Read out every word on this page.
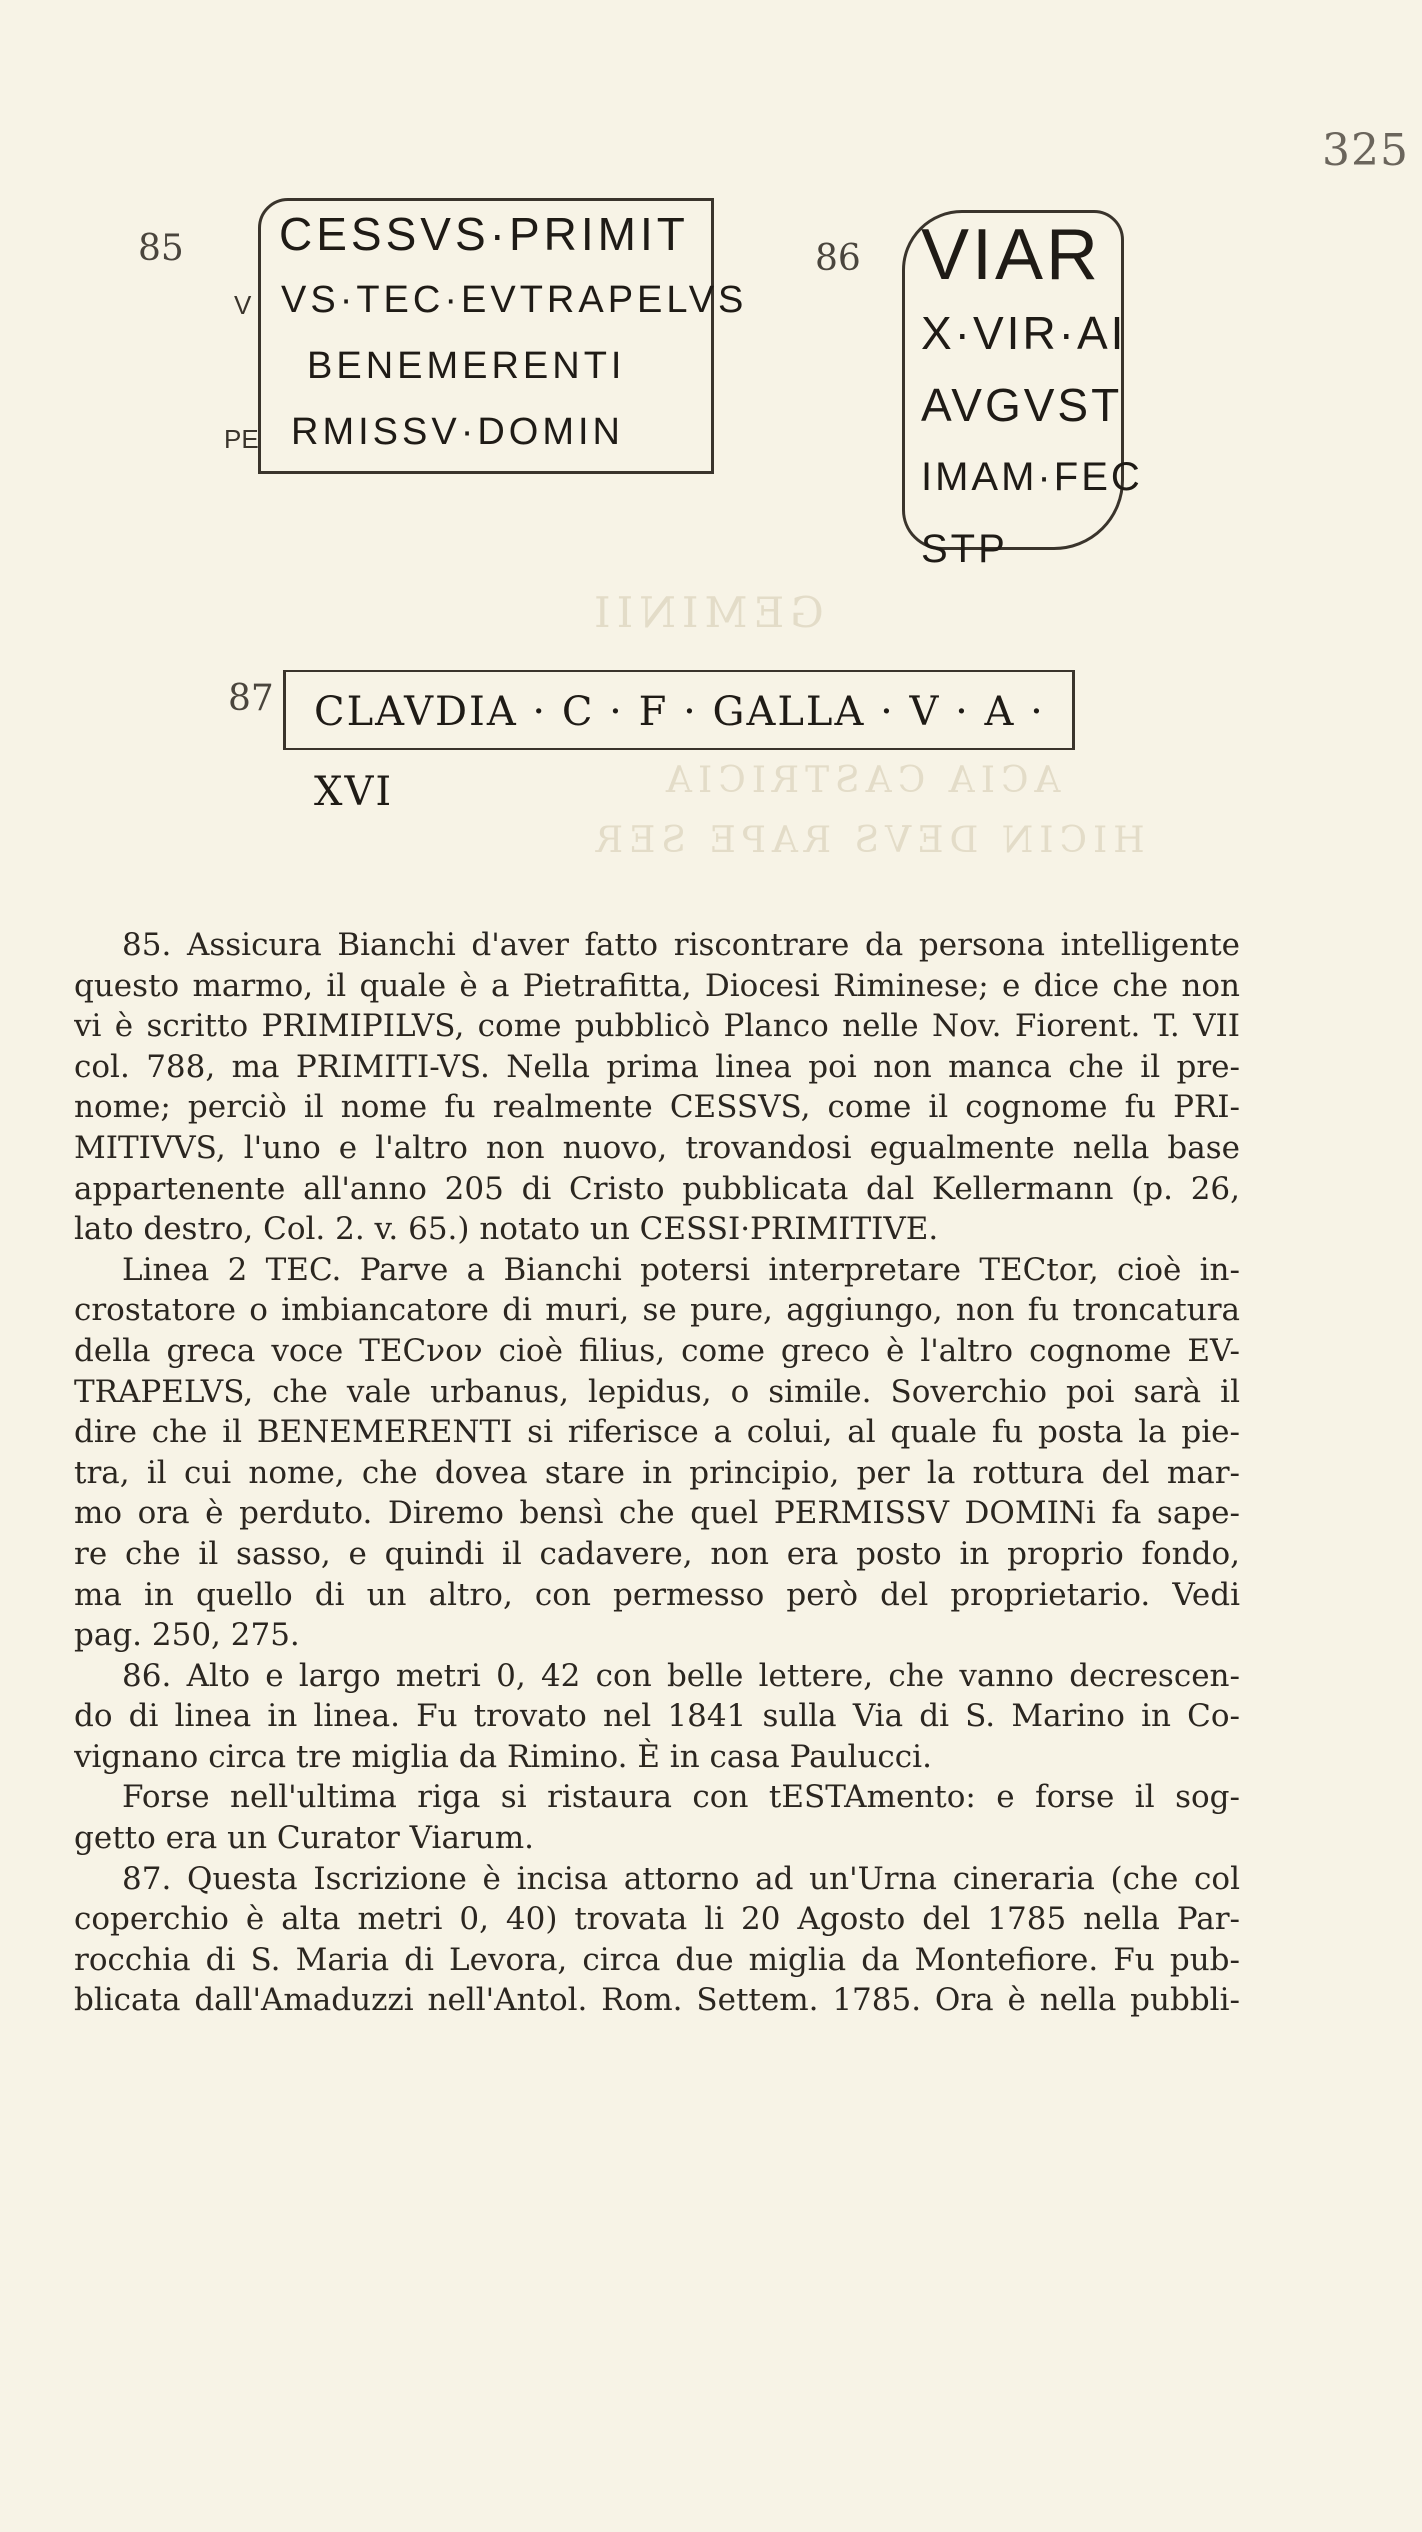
325
GEMINII
ACIA CASTRICIA
HICIN DEVS RAPE SER
85
V
PE
CESSVS·PRIMIT
VS·TEC·EVTRAPELVS
BENEMERENTI
RMISSV·DOMIN
86 VIAR
X·VIR·AI
AVGVST
IMAM·FEC
STP
87	CLAVDIA · C · F · GALLA · V · A · XVI
85. Assicura Bianchi d'aver fatto riscontrare da persona intelligente
questo marmo, il quale è a Pietrafitta, Diocesi Riminese; e dice che non
vi è scritto PRIMIPILVS, come pubblicò Planco nelle Nov. Fiorent. T. VII
col. 788, ma PRIMITI-VS. Nella prima linea poi non manca che il pre-
nome; perciò il nome fu realmente CESSVS, come il cognome fu PRI-
MITIVVS, l'uno e l'altro non nuovo, trovandosi egualmente nella base
appartenente all'anno 205 di Cristo pubblicata dal Kellermann (p. 26,
lato destro, Col. 2. v. 65.) notato un CESSI·PRIMITIVE.
Linea 2 TEC. Parve a Bianchi potersi interpretare TECtor, cioè in-
crostatore o imbiancatore di muri, se pure, aggiungo, non fu troncatura
della greca voce TECνον cioè filius, come greco è l'altro cognome EV-
TRAPELVS, che vale urbanus, lepidus, o simile. Soverchio poi sarà il
dire che il BENEMERENTI si riferisce a colui, al quale fu posta la pie-
tra, il cui nome, che dovea stare in principio, per la rottura del mar-
mo ora è perduto. Diremo bensì che quel PERMISSV DOMINi fa sape-
re che il sasso, e quindi il cadavere, non era posto in proprio fondo,
ma in quello di un altro, con permesso però del proprietario. Vedi
pag. 250, 275.
86. Alto e largo metri 0, 42 con belle lettere, che vanno decrescen-
do di linea in linea. Fu trovato nel 1841 sulla Via di S. Marino in Co-
vignano circa tre miglia da Rimino. È in casa Paulucci.
Forse nell'ultima riga si ristaura con tESTAmento: e forse il sog-
getto era un Curator Viarum.
87. Questa Iscrizione è incisa attorno ad un'Urna cineraria (che col
coperchio è alta metri 0, 40) trovata li 20 Agosto del 1785 nella Par-
rocchia di S. Maria di Levora, circa due miglia da Montefiore. Fu pub-
blicata dall'Amaduzzi nell'Antol. Rom. Settem. 1785. Ora è nella pubbli-
